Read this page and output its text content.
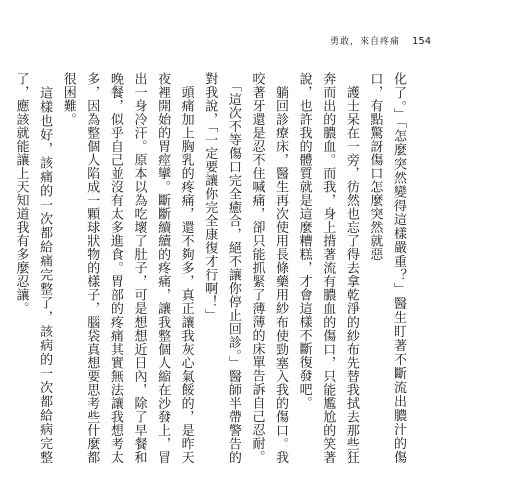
勇敢，來自疼痛 154

化了。」「怎麼突然變得這樣嚴重？」醫生盯著不斷流出膿汁的傷口，有點驚訝傷口怎麼突然就惡

　護士呆在一旁，彷然也忘了得去拿乾淨的紗布先替我拭去那些狂奔而出的膿血。而我，身上揹著流有膿血的傷口，只能尷尬的笑著說，也許我的體質就是這麼糟糕，才會這樣不斷復發吧。

　躺回診療床，醫生再次使用長條藥用紗布使勁塞入我的傷口。我咬著牙還是忍不住喊痛，卻只能抓緊了薄薄的床單告訴自己忍耐。

　「這次不等傷口完全癒合，絕不讓你停止回診。」醫師半帶警告的對我說，「一定要讓你完全康復才行啊！」

　頭痛加上胸乳的疼痛，還不夠多，真正讓我灰心氣餒的，是昨天夜裡開始的胃痙攣。斷斷續續的疼痛，讓我整個人縮在沙發上，冒出一身冷汗。原本以為吃壞了肚子，可是想想近日內，除了早餐和晚餐，似乎自己並沒有太多進食。胃部的疼痛其實無法讓我想考太多，因為整個人陷成一顆球狀物的樣子，腦袋真想要思考些什麼都很困難。

　這樣也好，該痛的一次都給痛完整了，該病的一次都給病完整了，應該就能讓上天知道我有多麼忍讓。
